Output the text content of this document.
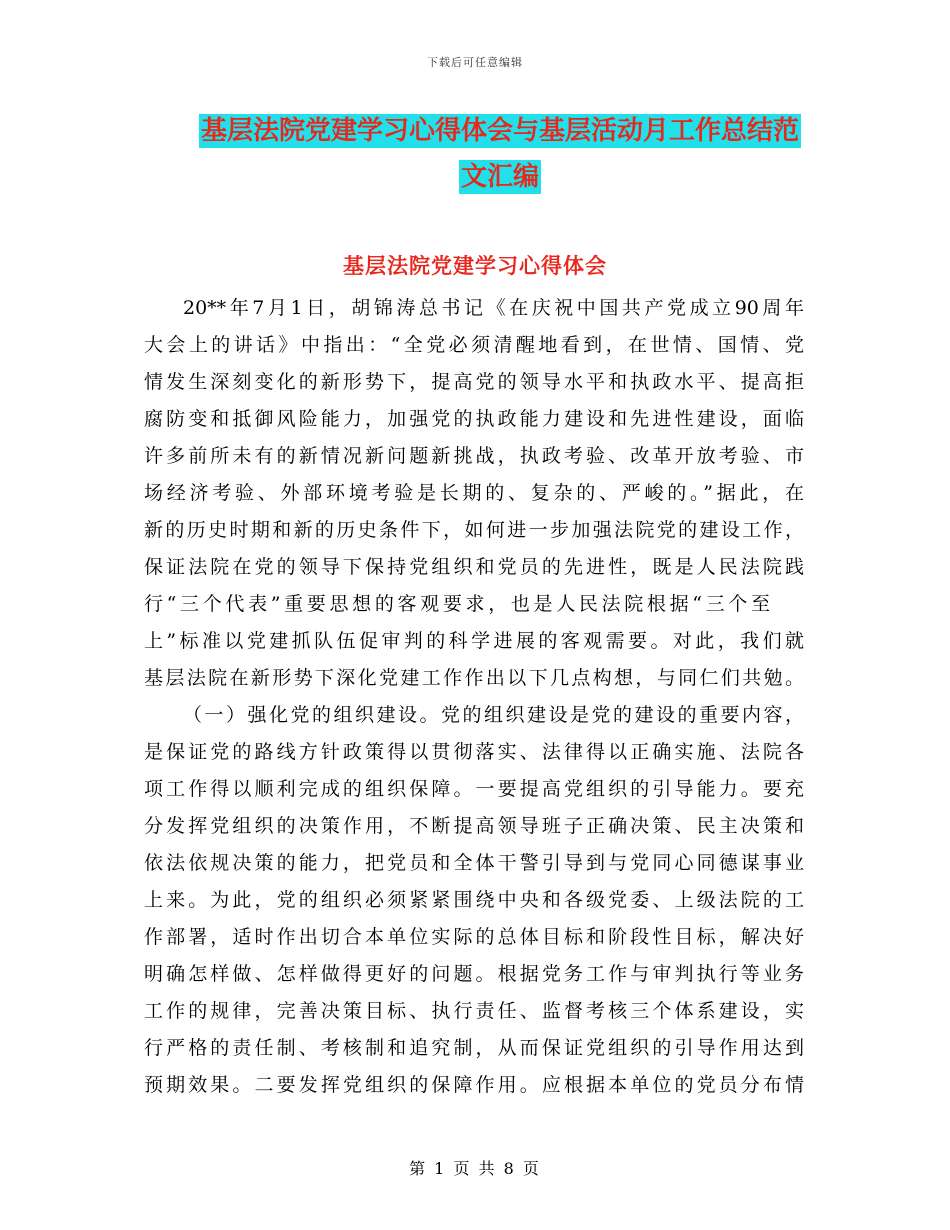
下载后可任意编辑
基层法院党建学习心得体会与基层活动月工作总结范
文汇编
基层法院党建学习心得体会
20**年7月1日，胡锦涛总书记《在庆祝中国共产党成立90周年
大会上的讲话》中指出：“全党必须清醒地看到，在世情、国情、党
情发生深刻变化的新形势下，提高党的领导水平和执政水平、提高拒
腐防变和抵御风险能力，加强党的执政能力建设和先进性建设，面临
许多前所未有的新情况新问题新挑战，执政考验、改革开放考验、市
场经济考验、外部环境考验是长期的、复杂的、严峻的。”据此，在
新的历史时期和新的历史条件下，如何进一步加强法院党的建设工作，
保证法院在党的领导下保持党组织和党员的先进性，既是人民法院践
行“三个代表”重要思想的客观要求，也是人民法院根据“三个至
上”标准以党建抓队伍促审判的科学进展的客观需要。对此，我们就
基层法院在新形势下深化党建工作作出以下几点构想，与同仁们共勉。
（一）强化党的组织建设。党的组织建设是党的建设的重要内容，
是保证党的路线方针政策得以贯彻落实、法律得以正确实施、法院各
项工作得以顺利完成的组织保障。一要提高党组织的引导能力。要充
分发挥党组织的决策作用，不断提高领导班子正确决策、民主决策和
依法依规决策的能力，把党员和全体干警引导到与党同心同德谋事业
上来。为此，党的组织必须紧紧围绕中央和各级党委、上级法院的工
作部署，适时作出切合本单位实际的总体目标和阶段性目标，解决好
明确怎样做、怎样做得更好的问题。根据党务工作与审判执行等业务
工作的规律，完善决策目标、执行责任、监督考核三个体系建设，实
行严格的责任制、考核制和追究制，从而保证党组织的引导作用达到
预期效果。二要发挥党组织的保障作用。应根据本单位的党员分布情
第 1 页 共 8 页
